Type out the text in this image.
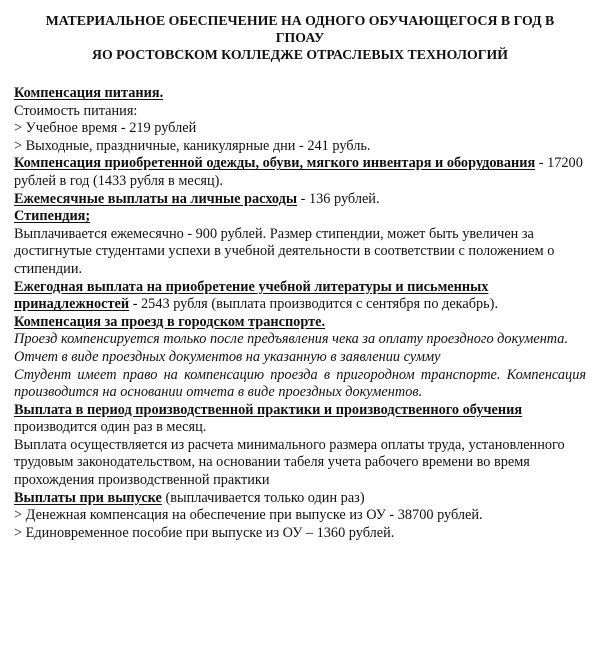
МАТЕРИАЛЬНОЕ ОБЕСПЕЧЕНИЕ НА ОДНОГО ОБУЧАЮЩЕГОСЯ В ГОД В
ГПОАУ
ЯО РОСТОВСКОМ КОЛЛЕДЖЕ ОТРАСЛЕВЫХ ТЕХНОЛОГИЙ

Компенсация питания.

Стоимость питания:

> Учебное время - 219 рублей

> Выходные, праздничные, каникулярные дни - 241 рубль.

Компенсация приобретенной одежды, обуви, мягкого инвентаря и оборудования - 17200 рублей в год (1433 рубля в месяц).

Ежемесячные выплаты на личные расходы - 136 рублей.

Стипендия;

Выплачивается ежемесячно - 900 рублей. Размер стипендии, может быть увеличен за достигнутые студентами успехи в учебной деятельности в соответствии с положением о стипендии.

Ежегодная выплата на приобретение учебной литературы и письменных принадлежностей - 2543 рубля (выплата производится с сентября по декабрь).

Компенсация за проезд в городском транспорте.

Проезд компенсируется только после предъявления чека за оплату проездного документа.

Отчет в виде проездных документов на указанную в заявлении сумму

Студент имеет право на компенсацию проезда в пригородном транспорте. Компенсация производится на основании отчета в виде проездных документов.

Выплата в период производственной практики и производственного обучения производится один раз в месяц.

Выплата осуществляется из расчета минимального размера оплаты труда, установленного трудовым законодательством, на основании табеля учета рабочего времени во время прохождения производственной практики

Выплаты при выпуске (выплачивается только один раз)

> Денежная компенсация на обеспечение при выпуске из ОУ - 38700 рублей.

> Единовременное пособие при выпуске из ОУ – 1360 рублей.
